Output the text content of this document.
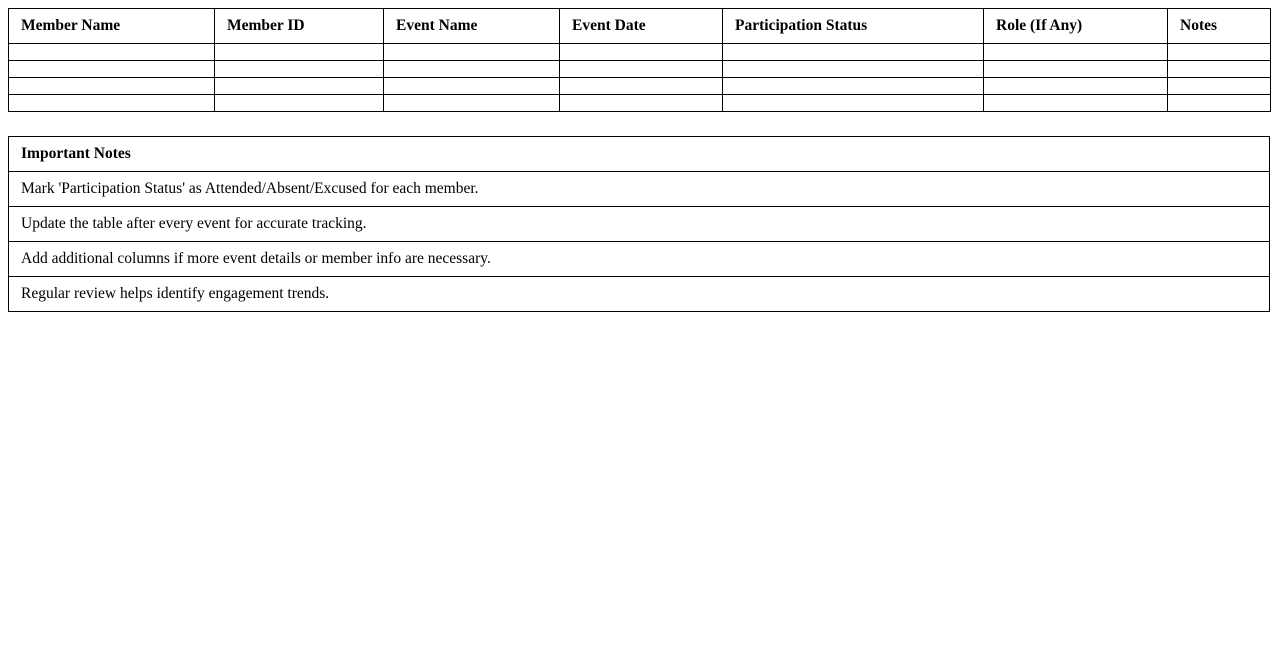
Member Name	Member ID	Event Name	Event Date	Participation Status	Role (If Any)	Notes

Important Notes
Mark 'Participation Status' as Attended/Absent/Excused for each member.
Update the table after every event for accurate tracking.
Add additional columns if more event details or member info are necessary.
Regular review helps identify engagement trends.
